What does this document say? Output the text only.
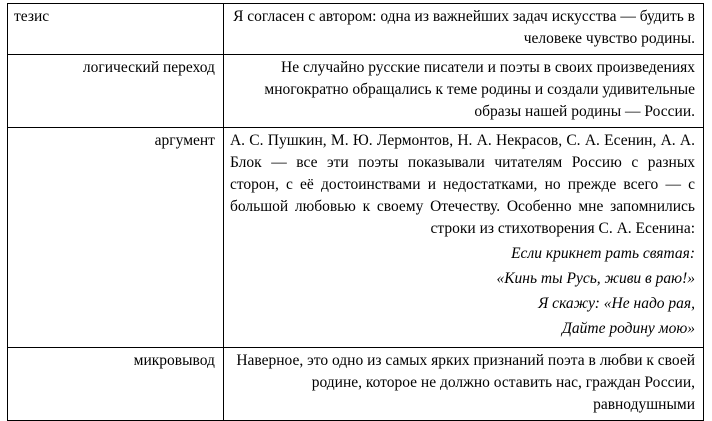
тезис	Я согласен с автором: одна из важнейших задач искусства — будить в человеке чувство родины.
логический переход	Не случайно русские писатели и поэты в своих произведениях многократно обращались к теме родины и создали удивительные образы нашей родины — России.
аргумент	А. С. Пушкин, М. Ю. Лермонтов, Н. А. Некрасов, С. А. Есенин, А. А. Блок — все эти поэты показывали читателям Россию с разных сторон, с её достоинствами и недостатками, но прежде всего — с большой любовью к своему Отечеству. Особенно мне запомнились строки из стихотворения С. А. Есенина:
Если крикнет рать святая:
«Кинь ты Русь, живи в раю!»
Я скажу: «Не надо рая,
Дайте родину мою»

микровывод	Наверное, это одно из самых ярких признаний поэта в любви к своей родине, которое не должно оставить нас, граждан России, равнодушными
